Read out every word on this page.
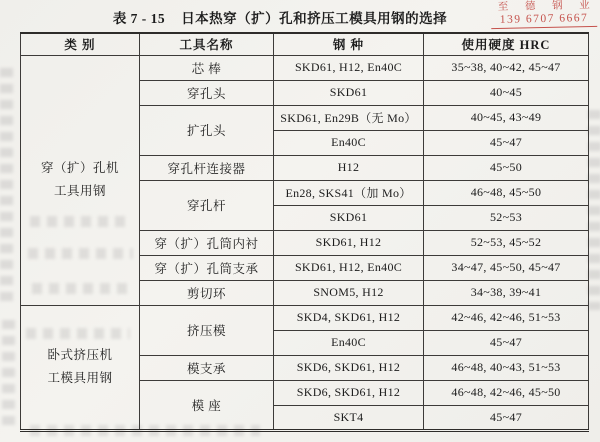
表 7 - 15 日本热穿（扩）孔和挤压工模具用钢的选择
至 德 钢 业
139 6707 6667
类 别	工具名称	钢 种	使用硬度 HRC

穿（扩）孔机
工具用钢	芯 棒	SKD61, H12, En40C	35~38, 40~42, 45~47
	穿孔头	SKD61	40~45
	扩孔头	SKD61, En29B（无 Mo）	40~45, 43~49
		En40C	45~47
	穿孔杆连接器	H12	45~50
	穿孔杆	En28, SKS41（加 Mo）	46~48, 45~50
		SKD61	52~53
	穿（扩）孔筒内衬	SKD61, H12	52~53, 45~52
	穿（扩）孔筒支承	SKD61, H12, En40C	34~47, 45~50, 45~47
	剪切环	SNOM5, H12	34~38, 39~41

卧式挤压机
工模具用钢	挤压模	SKD4, SKD61, H12	42~46, 42~46, 51~53
		En40C	45~47
	模支承	SKD6, SKD61, H12	46~48, 40~43, 51~53
	模 座	SKD6, SKD61, H12	46~48, 42~46, 45~50
		SKT4	45~47
